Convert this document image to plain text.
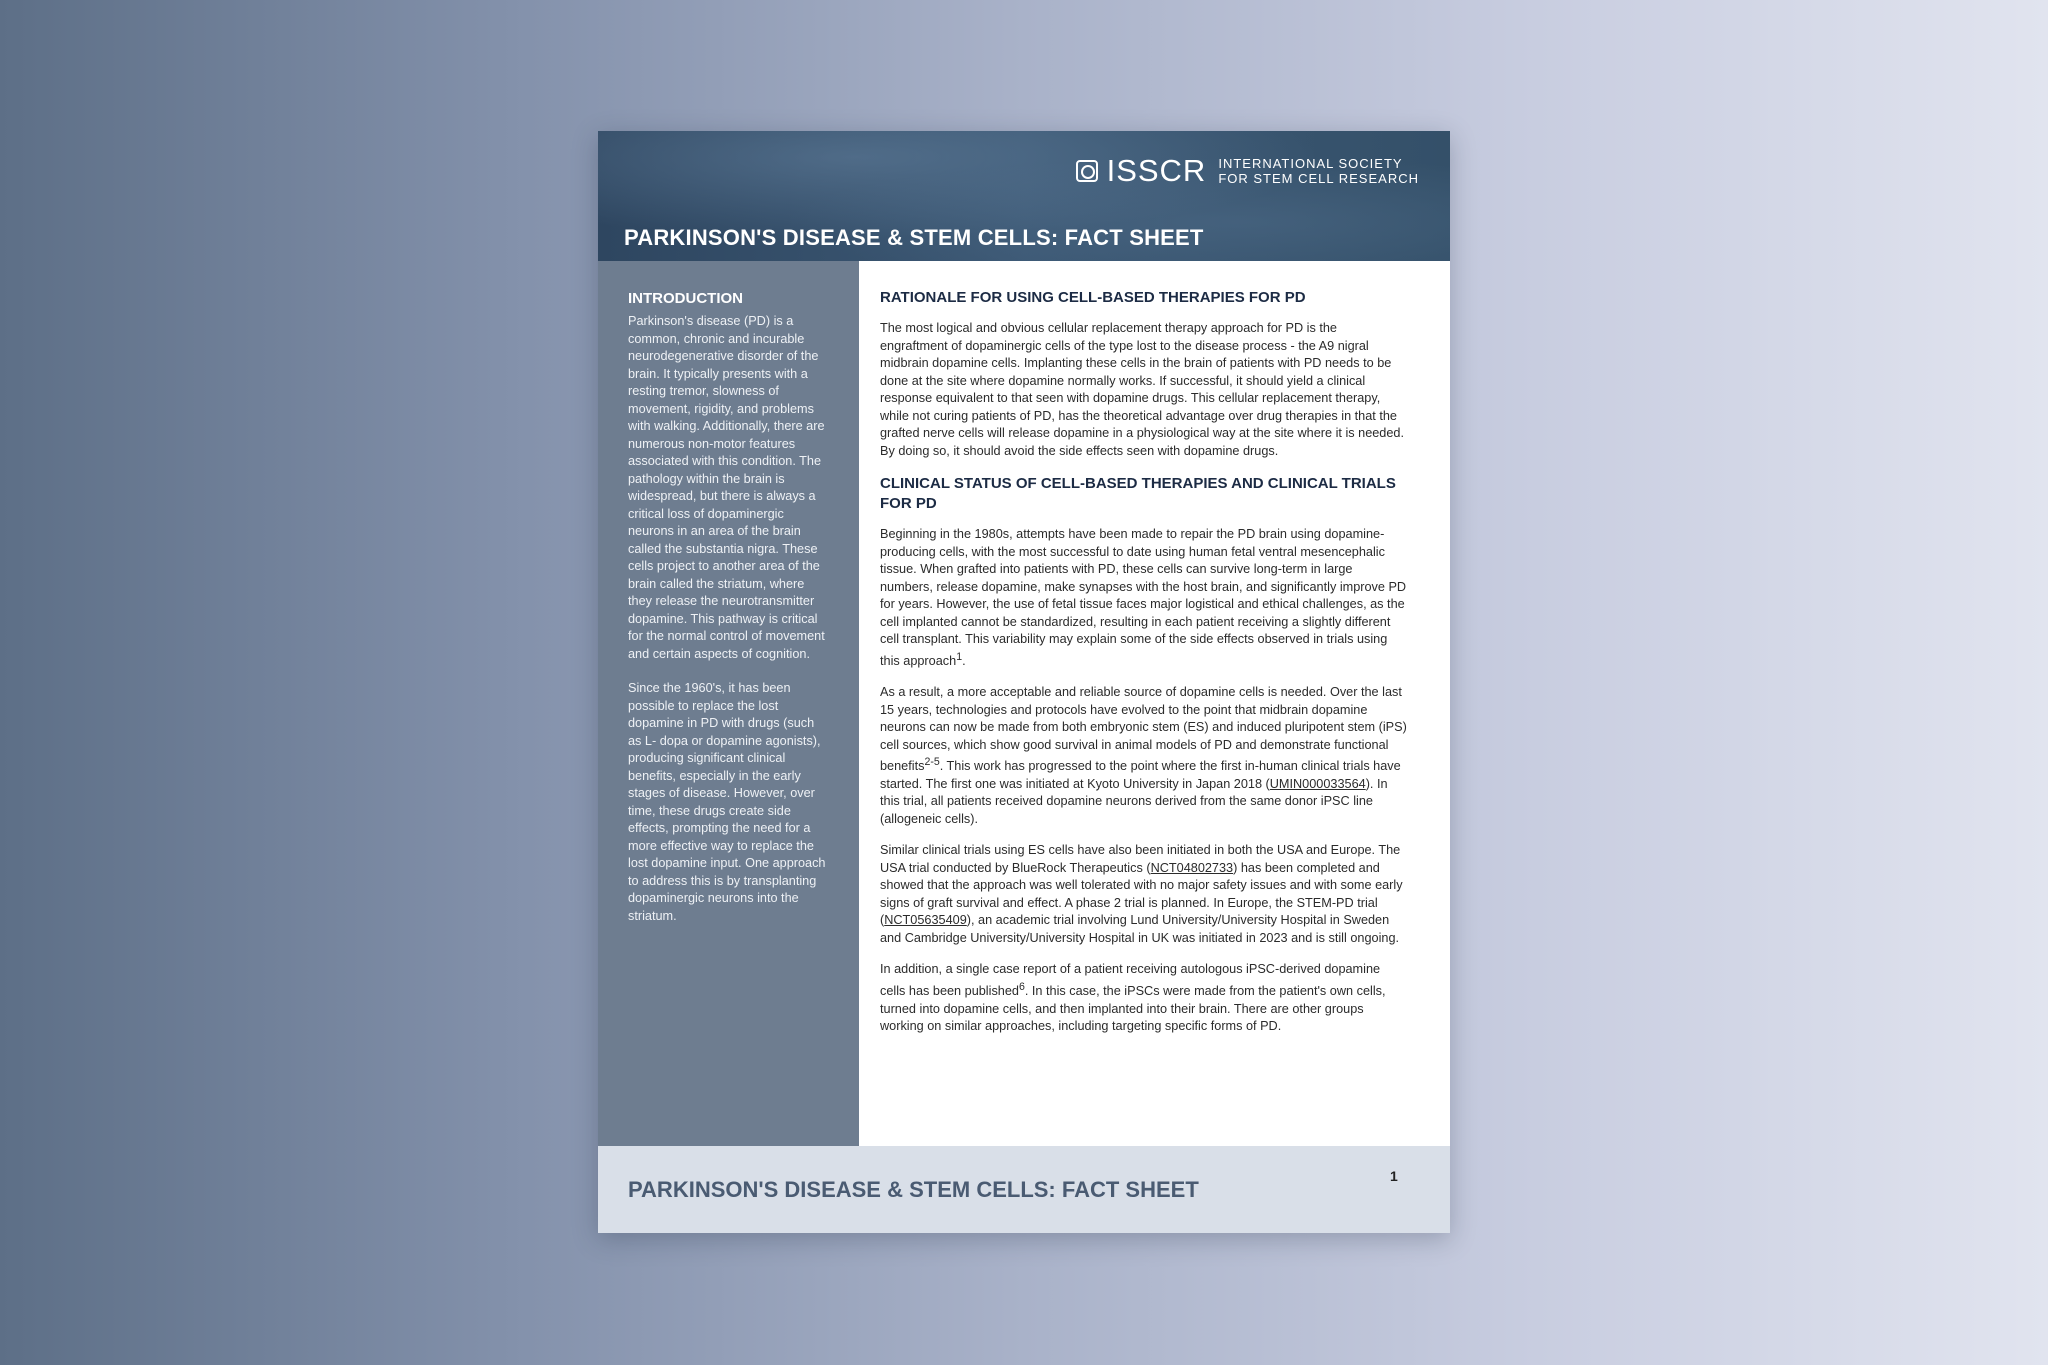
ISSCR INTERNATIONAL SOCIETY
FOR STEM CELL RESEARCH
PARKINSON'S DISEASE & STEM CELLS: FACT SHEET
INTRODUCTION

Parkinson's disease (PD) is a common, chronic and incurable neurodegenerative disorder of the brain. It typically presents with a resting tremor, slowness of movement, rigidity, and problems with walking. Additionally, there are numerous non-motor features associated with this condition. The pathology within the brain is widespread, but there is always a critical loss of dopaminergic neurons in an area of the brain called the substantia nigra. These cells project to another area of the brain called the striatum, where they release the neurotransmitter dopamine. This pathway is critical for the normal control of movement and certain aspects of cognition.

Since the 1960's, it has been possible to replace the lost dopamine in PD with drugs (such as L- dopa or dopamine agonists), producing significant clinical benefits, especially in the early stages of disease. However, over time, these drugs create side effects, prompting the need for a more effective way to replace the lost dopamine input. One approach to address this is by transplanting dopaminergic neurons into the striatum.

RATIONALE FOR USING CELL-BASED THERAPIES FOR PD

The most logical and obvious cellular replacement therapy approach for PD is the engraftment of dopaminergic cells of the type lost to the disease process - the A9 nigral midbrain dopamine cells. Implanting these cells in the brain of patients with PD needs to be done at the site where dopamine normally works. If successful, it should yield a clinical response equivalent to that seen with dopamine drugs. This cellular replacement therapy, while not curing patients of PD, has the theoretical advantage over drug therapies in that the grafted nerve cells will release dopamine in a physiological way at the site where it is needed. By doing so, it should avoid the side effects seen with dopamine drugs.

CLINICAL STATUS OF CELL-BASED THERAPIES AND CLINICAL TRIALS FOR PD

Beginning in the 1980s, attempts have been made to repair the PD brain using dopamine-producing cells, with the most successful to date using human fetal ventral mesencephalic tissue. When grafted into patients with PD, these cells can survive long-term in large numbers, release dopamine, make synapses with the host brain, and significantly improve PD for years. However, the use of fetal tissue faces major logistical and ethical challenges, as the cell implanted cannot be standardized, resulting in each patient receiving a slightly different cell transplant. This variability may explain some of the side effects observed in trials using this approach$^1$.

As a result, a more acceptable and reliable source of dopamine cells is needed. Over the last 15 years, technologies and protocols have evolved to the point that midbrain dopamine neurons can now be made from both embryonic stem (ES) and induced pluripotent stem (iPS) cell sources, which show good survival in animal models of PD and demonstrate functional benefits$^{2-5}$. This work has progressed to the point where the first in-human clinical trials have started. The first one was initiated at Kyoto University in Japan 2018 (UMIN000033564). In this trial, all patients received dopamine neurons derived from the same donor iPSC line (allogeneic cells).

Similar clinical trials using ES cells have also been initiated in both the USA and Europe. The USA trial conducted by BlueRock Therapeutics (NCT04802733) has been completed and showed that the approach was well tolerated with no major safety issues and with some early signs of graft survival and effect. A phase 2 trial is planned. In Europe, the STEM-PD trial (NCT05635409), an academic trial involving Lund University/University Hospital in Sweden and Cambridge University/University Hospital in UK was initiated in 2023 and is still ongoing.

In addition, a single case report of a patient receiving autologous iPSC-derived dopamine cells has been published$^6$. In this case, the iPSCs were made from the patient's own cells, turned into dopamine cells, and then implanted into their brain. There are other groups working on similar approaches, including targeting specific forms of PD.

PARKINSON'S DISEASE & STEM CELLS: FACT SHEET
1
